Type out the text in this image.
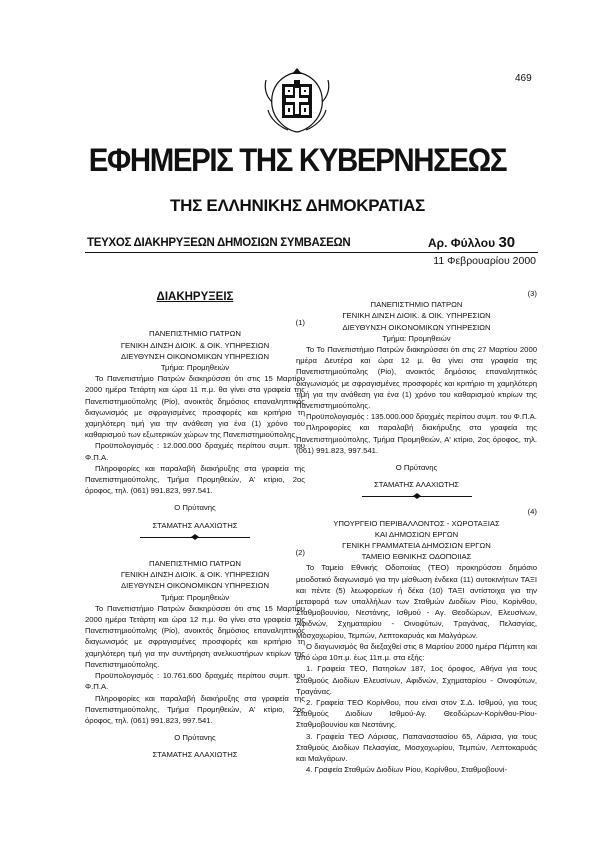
469
ΕΦΗΜΕΡΙΣ ΤΗΣ ΚΥΒΕΡΝΗΣΕΩΣ
ΤΗΣ ΕΛΛΗΝΙΚΗΣ ΔΗΜΟΚΡΑΤΙΑΣ
ΤΕΥΧΟΣ ΔΙΑΚΗΡΥΞΕΩΝ ΔΗΜΟΣΙΩΝ ΣΥΜΒΑΣΕΩΝ	Αρ. Φύλλου 30
11 Φεβρουαρίου 2000
ΔΙΑΚΗΡΥΞΕΙΣ
(1)
ΠΑΝΕΠΙΣΤΗΜΙΟ ΠΑΤΡΩΝ
ΓΕΝΙΚΗ ΔΙΝΣΗ ΔΙΟΙΚ. & ΟΙΚ. ΥΠΗΡΕΣΙΩΝ
ΔΙΕΥΘΥΝΣΗ ΟΙΚΟΝΟΜΙΚΩΝ ΥΠΗΡΕΣΙΩΝ
Τμήμα: Προμηθειών

Το Πανεπιστήμιο Πατρών διακηρύσσει ότι στις 15 Μαρτίου 2000 ημέρα Τετάρτη και ώρα 11 π.μ. θα γίνει στα γραφεία της Πανεπιστημιούπολης (Ρίο), ανοικτός δημόσιος επαναληπτικός διαγωνισμός με σφραγισμένες προσφορές και κριτήριο τη χαμηλότερη τιμή για την ανάθεση για ένα (1) χρόνο του καθαρισμού των εξωτερικών χώρων της Πανεπιστημιούπολης.

Προϋπολογισμός : 12.000.000 δραχμές περίπου συμπ. του Φ.Π.Α.

Πληροφορίες και παραλαβή διακήρυξης στα γραφεία της Πανεπιστημιούπολης, Τμήμα Προμηθειών, Α' κτίριο, 2ος όροφος, τηλ. (061) 991.823, 997.541.

Ο Πρύτανης
ΣΤΑΜΑΤΗΣ ΑΛΑΧΙΩΤΗΣ
(2)
ΠΑΝΕΠΙΣΤΗΜΙΟ ΠΑΤΡΩΝ
ΓΕΝΙΚΗ ΔΙΝΣΗ ΔΙΟΙΚ. & ΟΙΚ. ΥΠΗΡΕΣΙΩΝ
ΔΙΕΥΘΥΝΣΗ ΟΙΚΟΝΟΜΙΚΩΝ ΥΠΗΡΕΣΙΩΝ
Τμήμα: Προμηθειών

Το Πανεπιστήμιο Πατρών διακηρύσσει ότι στις 15 Μαρτίου 2000 ημέρα Τετάρτη και ώρα 12 π.μ. θα γίνει στα γραφεία της Πανεπιστημιούπολης (Ρίο), ανοικτός δημόσιος επαναληπτικός διαγωνισμός με σφραγισμένες προσφορές και κριτήριο τη χαμηλότερη τιμή για την συντήρηση ανελκυστήρων κτιρίων της Πανεπιστημιούπολης.

Προϋπολογισμός : 10.761.600 δραχμές περίπου συμπ. του Φ.Π.Α.

Πληροφορίες και παραλαβή διακήρυξης στα γραφεία της Πανεπιστημιούπολης, Τμήμα Προμηθειών, Α' κτίριο, 2ος όροφος, τηλ. (061) 991.823, 997.541.

Ο Πρύτανης
ΣΤΑΜΑΤΗΣ ΑΛΑΧΙΩΤΗΣ
(3)
ΠΑΝΕΠΙΣΤΗΜΙΟ ΠΑΤΡΩΝ
ΓΕΝΙΚΗ ΔΙΝΣΗ ΔΙΟΙΚ. & ΟΙΚ. ΥΠΗΡΕΣΙΩΝ
ΔΙΕΥΘΥΝΣΗ ΟΙΚΟΝΟΜΙΚΩΝ ΥΠΗΡΕΣΙΩΝ
Τμήμα: Προμηθειών

Το Το Πανεπιστήμιο Πατρών διακηρύσσει ότι στις 27 Μαρτίου 2000 ημέρα Δευτέρα και ώρα 12 μ. θα γίνει στα γραφεία της Πανεπιστημιούπολης (Ρίο), ανοικτός δημόσιος επαναληπτικός διαγωνισμός με σφραγισμένες προσφορές και κριτήριο τη χαμηλότερη τιμή για την ανάθεση για ένα (1) χρόνο του καθαρισμού κτιρίων της Πανεπιστημιούπολης.

Προϋπολογισμός : 135.000.000 δραχμές περίπου συμπ. του Φ.Π.Α.

Πληροφορίες και παραλαβή διακήρυξης στα γραφεία της Πανεπιστημιούπολης, Τμήμα Προμηθειών, Α' κτίριο, 2ος όροφος, τηλ. (061) 991.823, 997.541.

Ο Πρύτανης
ΣΤΑΜΑΤΗΣ ΑΛΑΧΙΩΤΗΣ
(4)
ΥΠΟΥΡΓΕΙΟ ΠΕΡΙΒΑΛΛΟΝΤΟΣ - ΧΩΡΟΤΑΞΙΑΣ
ΚΑΙ ΔΗΜΟΣΙΩΝ ΕΡΓΩΝ
ΓΕΝΙΚΗ ΓΡΑΜΜΑΤΕΙΑ ΔΗΜΟΣΙΩΝ ΕΡΓΩΝ
ΤΑΜΕΙΟ ΕΘΝΙΚΗΣ ΟΔΟΠΟΙΙΑΣ

Το Ταμείο Εθνικής Οδοποιίας (ΤΕΟ) προκηρύσσει δημόσιο μειοδοτικό διαγωνισμό για την μίσθωση ένδεκα (11) αυτοκινήτων ΤΑΞΙ και πέντε (5) λεωφορείων ή δέκα (10) ΤΑΞΙ αντίστοιχα για την μεταφορά των υπαλλήλων των Σταθμών Διοδίων Ρίου, Κορίνθου, Σταθμοβουνίου, Νεστάνης, Ισθμού - Αγ. Θεοδώρων, Ελευσίνων, Αφιδνών, Σχηματαρίου - Οινοφύτων, Τραγάνας, Πελασγίας, Μοσχοχωρίου, Τεμπών, Λεπτοκαρυάς και Μαλγάρων.

Ο διαγωνισμός θα διεξαχθεί στις 8 Μαρτίου 2000 ημέρα Πέμπτη και από ώρα 10π.μ. έως 11π.μ. στα εξής:

1. Γραφεία ΤΕΟ, Πατησίων 187, 1ος όροφος, Αθήνα για τους Σταθμούς Διοδίων Ελευσίνων, Αφιδνών, Σχηματαρίου - Οινοφύτων, Τραγάνας.

2. Γραφεία ΤΕΟ Κορίνθου, που είναι στον Σ.Δ. Ισθμού, για τους Σταθμούς Διοδίων Ισθμού-Αγ. Θεοδώρων-Κορίνθου-Ρίου-Σταθμοβουνίου και Νεστάνης.

3. Γραφεία ΤΕΟ Λάρισας, Παπαναστασίου 65, Λάρισα, για τους Σταθμούς Διοδίων Πελασγίας, Μοσχοχωρίου, Τεμπών, Λεπτοκαρυάς και Μαλγάρων.

4. Γραφεία Σταθμών Διοδίων Ρίου, Κορίνθου, Σταθμοβουνί-
